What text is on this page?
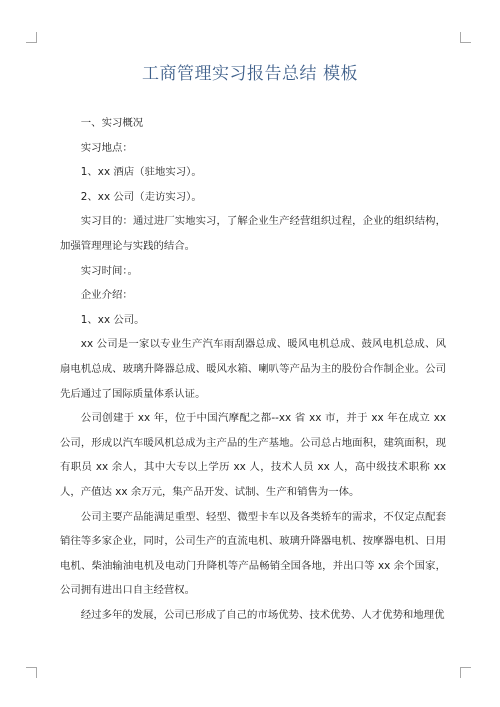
工商管理实习报告总结 模板

一、实习概况

实习地点：

1、xx 酒店（驻地实习）。

2、xx 公司（走访实习）。

实习目的：通过进厂实地实习，了解企业生产经营组织过程，企业的组织结构，加强管理理论与实践的结合。

实习时间：。

企业介绍：

1、xx 公司。

xx 公司是一家以专业生产汽车雨刮器总成、暖风电机总成、鼓风电机总成、风扇电机总成、玻璃升降器总成、暖风水箱、喇叭等产品为主的股份合作制企业。公司先后通过了国际质量体系认证。

公司创建于 xx 年，位于中国汽摩配之都--xx 省 xx 市，并于 xx 年在成立 xx 公司，形成以汽车暖风机总成为主产品的生产基地。公司总占地面积，建筑面积，现有职员 xx 余人，其中大专以上学历 xx 人，技术人员 xx 人，高中级技术职称 xx 人，产值达 xx 余万元，集产品开发、试制、生产和销售为一体。

公司主要产品能满足重型、轻型、微型卡车以及各类轿车的需求，不仅定点配套销往等多家企业，同时，公司生产的直流电机、玻璃升降器电机、按摩器电机、日用电机、柴油输油电机及电动门升降机等产品畅销全国各地，并出口等 xx 余个国家，公司拥有进出口自主经营权。

经过多年的发展，公司已形成了自己的市场优势、技术优势、人才优势和地理优
